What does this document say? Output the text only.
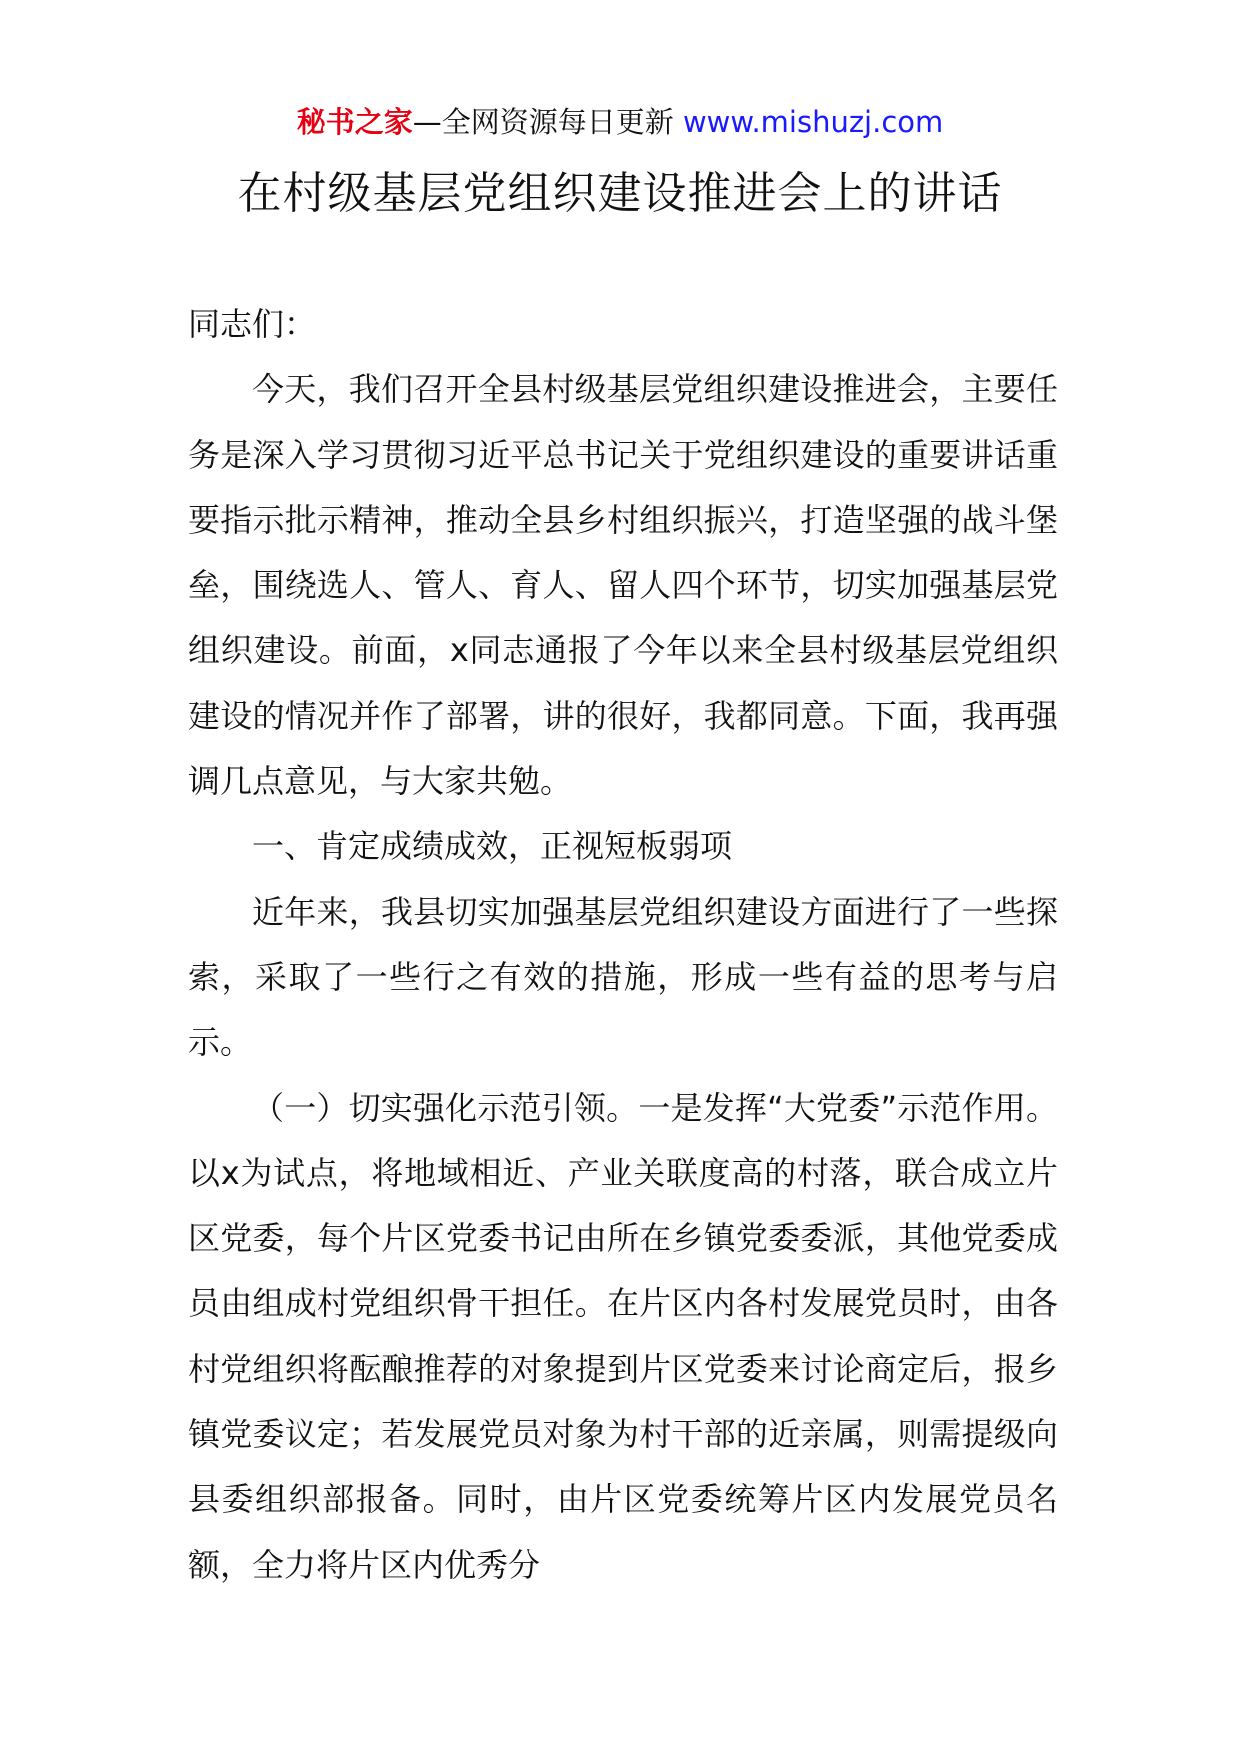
秘书之家—全网资源每日更新 www.mishuzj.com
在村级基层党组织建设推进会上的讲话

同志们：

今天，我们召开全县村级基层党组织建设推进会，主要任务是深入学习贯彻习近平总书记关于党组织建设的重要讲话重要指示批示精神，推动全县乡村组织振兴，打造坚强的战斗堡垒，围绕选人、管人、育人、留人四个环节，切实加强基层党组织建设。前面，x同志通报了今年以来全县村级基层党组织建设的情况并作了部署，讲的很好，我都同意。下面，我再强调几点意见，与大家共勉。

一、肯定成绩成效，正视短板弱项

近年来，我县切实加强基层党组织建设方面进行了一些探索，采取了一些行之有效的措施，形成一些有益的思考与启示。

（一）切实强化示范引领。一是发挥“大党委”示范作用。以x为试点，将地域相近、产业关联度高的村落，联合成立片区党委，每个片区党委书记由所在乡镇党委委派，其他党委成员由组成村党组织骨干担任。在片区内各村发展党员时，由各村党组织将酝酿推荐的对象提到片区党委来讨论商定后，报乡镇党委议定；若发展党员对象为村干部的近亲属，则需提级向县委组织部报备。同时，由片区党委统筹片区内发展党员名额，全力将片区内优秀分
